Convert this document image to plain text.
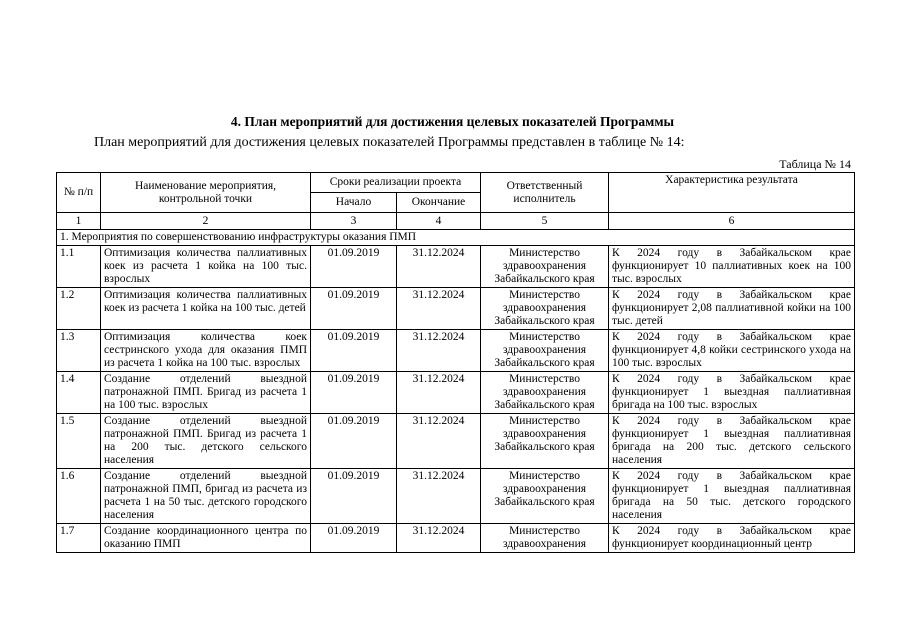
4. План мероприятий для достижения целевых показателей Программы
План мероприятий для достижения целевых показателей Программы представлен в таблице № 14:
Таблица № 14
№ п/п	Наименование мероприятия, контрольной точки	Сроки реализации проекта		Ответственный исполнитель	Характеристика результата
		Начало	Окончание		
1	2	3	4	5	6
1. Мероприятия по совершенствованию инфраструктуры оказания ПМП					
1.1	Оптимизация количества паллиативных коек из расчета 1 койка на 100 тыс. взрослых	01.09.2019	31.12.2024	Министерство здравоохранения Забайкальского края	К 2024 году в Забайкальском крае функционирует 10 паллиативных коек на 100 тыс. взрослых
1.2	Оптимизация количества паллиативных коек из расчета 1 койка на 100 тыс. детей	01.09.2019	31.12.2024	Министерство здравоохранения Забайкальского края	К 2024 году в Забайкальском крае функционирует 2,08 паллиативной койки на 100 тыс. детей
1.3	Оптимизация количества коек сестринского ухода для оказания ПМП из расчета 1 койка на 100 тыс. взрослых	01.09.2019	31.12.2024	Министерство здравоохранения Забайкальского края	К 2024 году в Забайкальском крае функционирует 4,8 койки сестринского ухода на 100 тыс. взрослых
1.4	Создание отделений выездной патронажной ПМП. Бригад из расчета 1 на 100 тыс. взрослых	01.09.2019	31.12.2024	Министерство здравоохранения Забайкальского края	К 2024 году в Забайкальском крае функционирует 1 выездная паллиативная бригада на 100 тыс. взрослых
1.5	Создание отделений выездной патронажной ПМП. Бригад из расчета 1 на 200 тыс. детского сельского населения	01.09.2019	31.12.2024	Министерство здравоохранения Забайкальского края	К 2024 году в Забайкальском крае функционирует 1 выездная паллиативная бригада на 200 тыс. детского сельского населения
1.6	Создание отделений выездной патронажной ПМП, бригад из расчета из расчета 1 на 50 тыс. детского городского населения	01.09.2019	31.12.2024	Министерство здравоохранения Забайкальского края	К 2024 году в Забайкальском крае функционирует 1 выездная паллиативная бригада на 50 тыс. детского городского населения
1.7	Создание координационного центра по оказанию ПМП	01.09.2019	31.12.2024	Министерство здравоохранения	К 2024 году в Забайкальском крае функционирует координационный центр
